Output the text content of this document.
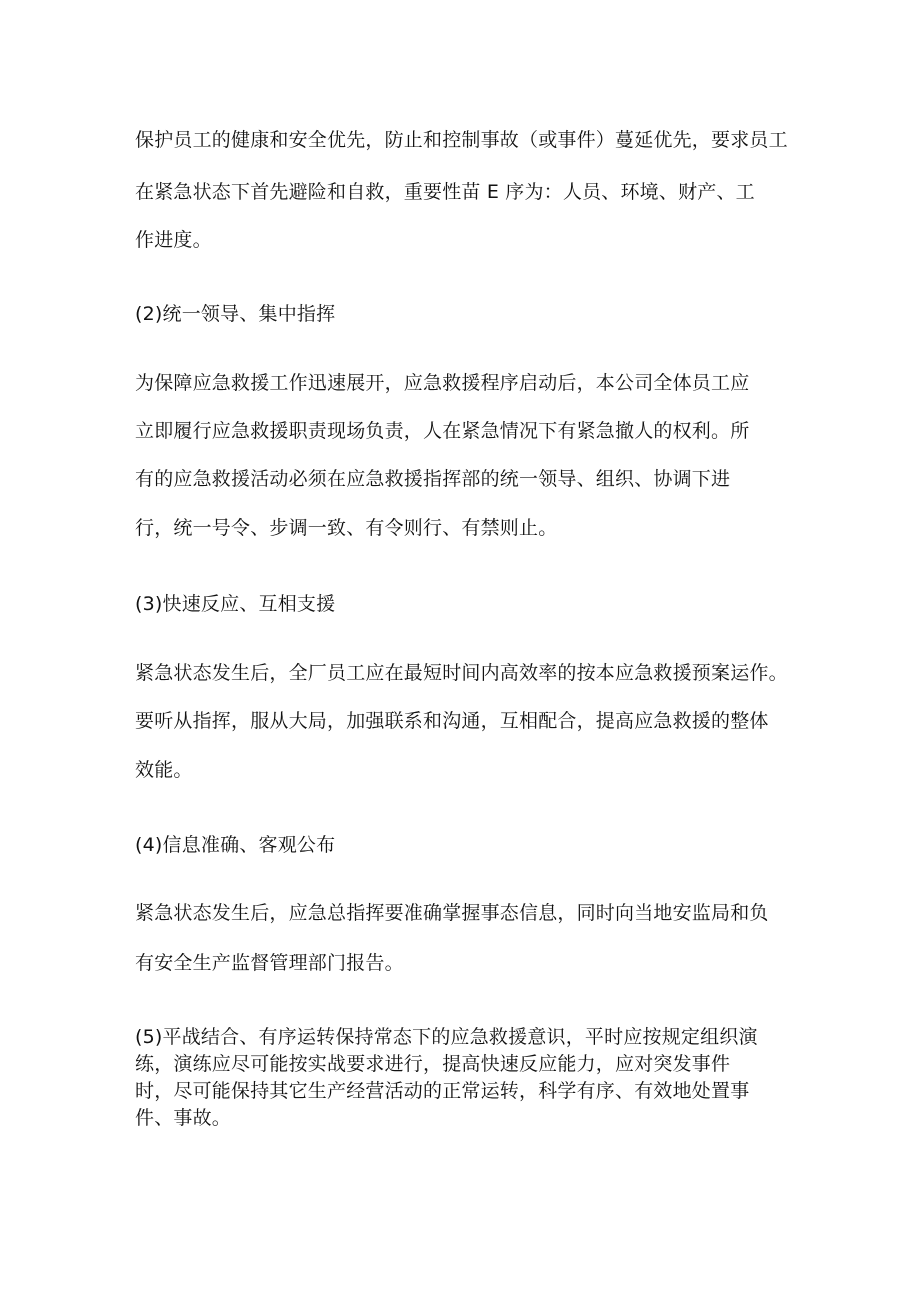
保护员工的健康和安全优先，防止和控制事故（或事件）蔓延优先，要求员工
在紧急状态下首先避险和自救，重要性苗 E 序为：人员、环境、财产、工
作进度。
(2)统一领导、集中指挥
为保障应急救援工作迅速展开，应急救援程序启动后，本公司全体员工应
立即履行应急救援职责现场负责，人在紧急情况下有紧急撤人的权利。所
有的应急救援活动必须在应急救援指挥部的统一领导、组织、协调下进
行，统一号令、步调一致、有令则行、有禁则止。
(3)快速反应、互相支援
紧急状态发生后，全厂员工应在最短时间内高效率的按本应急救援预案运作。
要听从指挥，服从大局，加强联系和沟通，互相配合，提高应急救援的整体
效能。
(4)信息准确、客观公布
紧急状态发生后，应急总指挥要准确掌握事态信息，同时向当地安监局和负
有安全生产监督管理部门报告。
(5)平战结合、有序运转保持常态下的应急救援意识，平时应按规定组织演
练，演练应尽可能按实战要求进行，提高快速反应能力，应对突发事件
时，尽可能保持其它生产经营活动的正常运转，科学有序、有效地处置事
件、事故。
